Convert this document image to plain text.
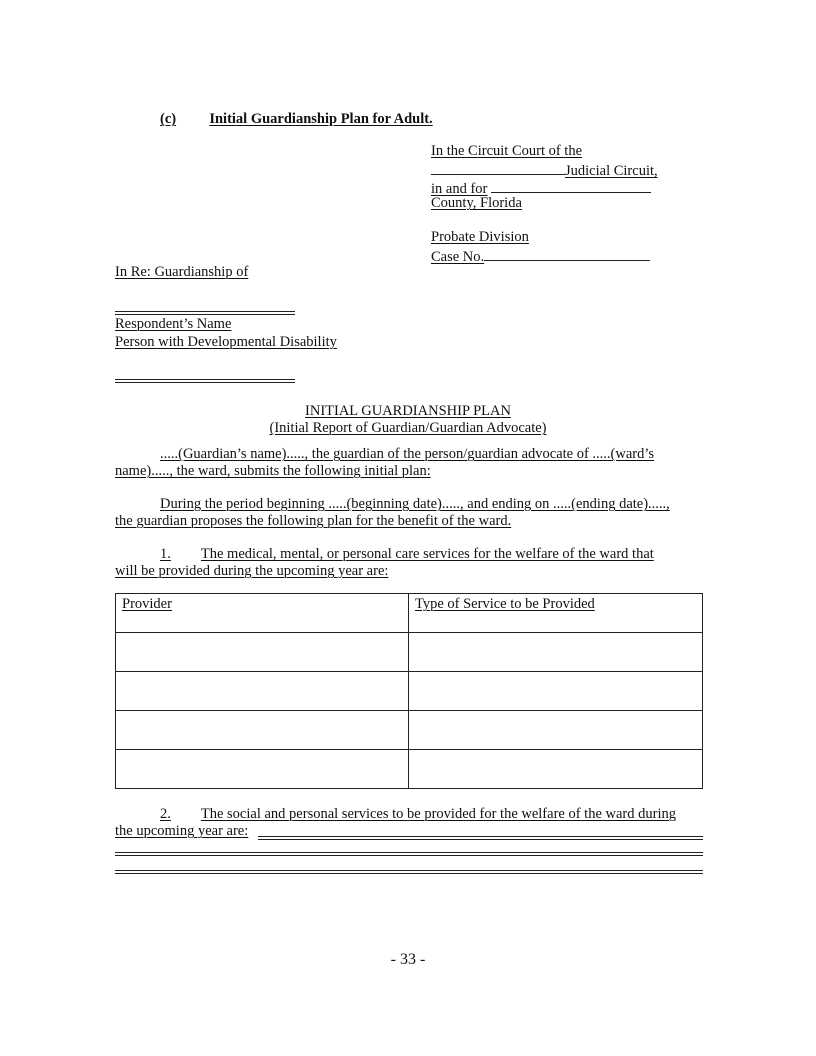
(c) Initial Guardianship Plan for Adult.
In the Circuit Court of the
Judicial Circuit,
in and for
County, Florida
Probate Division
Case No.
In Re: Guardianship of
Respondent’s Name
Person with Developmental Disability
INITIAL GUARDIANSHIP PLAN
(Initial Report of Guardian/Guardian Advocate)
.....(Guardian’s name)....., the guardian of the person/guardian advocate of .....(ward’s
name)....., the ward, submits the following initial plan:
During the period beginning .....(beginning date)....., and ending on .....(ending date).....,
the guardian proposes the following plan for the benefit of the ward.
1. The medical, mental, or personal care services for the welfare of the ward that
will be provided during the upcoming year are:
Provider	Type of Service to be Provided

2. The social and personal services to be provided for the welfare of the ward during
the upcoming year are:
- 33 -
